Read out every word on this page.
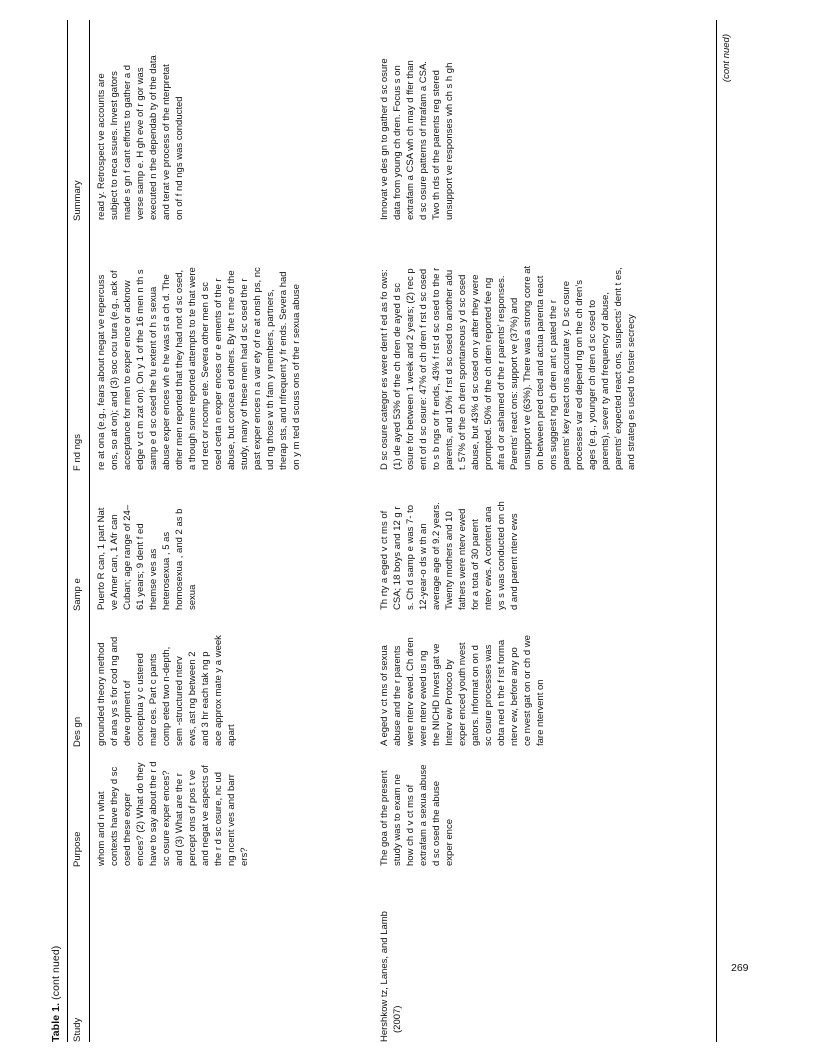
Table 1. (cont nued)
Study	Purpose	Des gn	Samp e	F nd ngs	Summary
	whom and n what contexts have they d sc osed these exper ences? (2) What do they have to say about the r d sc osure exper ences? and (3) What are the r percept ons of pos t ve and negat ve aspects of the r d sc osure, nc ud ng ncent ves and barr ers?	grounded theory method of ana ys s for cod ng and deve opment of conceptua y c ustered matr ces. Part c pants comp eted two n-depth, sem -structured nterv ews, ast ng between 2 and 3 hr each tak ng p ace approx mate y a week apart	Puerto R can, 1 part Nat ve Amer can, 1 Afr can Cuban; age range of 24–61 years; 9 dent f ed themse ves as heterosexua , 5 as homosexua , and 2 as b sexua	re at ona (e.g., fears about negat ve repercuss ons, so at on); and (3) soc ocu tura (e.g., ack of acceptance for men to exper ence or acknow edge v ct m zat on). On y 1 of the 16 men n th s samp e d sc osed the fu extent of h s sexua abuse exper ences wh e he was st a ch d. The other men reported that they had not d sc osed, a though some reported attempts to te that were nd rect or ncomp ete. Severa other men d sc osed certa n exper ences or e ements of the r abuse, but concea ed others. By the t me of the study, many of these men had d sc osed the r past exper ences n a var ety of re at onsh ps, nc ud ng those w th fam y members, partners, therap sts, and nfrequent y fr ends. Severa had on y m ted d scuss ons of the r sexua abuse	read y. Retrospect ve accounts are subject to reca ssues. Invest gators made s gn f cant efforts to gather a d verse samp e. H gh eve of r gor was executed n the dependab ty of the data and terat ve process of the nterpretat on of f nd ngs was conducted
Hershkow tz, Lanes, and Lamb (2007)	The goa of the present study was to exam ne how ch d v ct ms of extrafam a sexua abuse d sc osed the abuse exper ence	A eged v ct ms of sexua abuse and the r parents were nterv ewed. Ch dren were nterv ewed us ng the NICHD Invest gat ve Interv ew Protoco by exper enced youth nvest gators. Informat on on d sc osure processes was obta ned n the f rst forma nterv ew, before any po ce nvest gat on or ch d we fare ntervent on	Th rty a eged v ct ms of CSA; 18 boys and 12 g r s. Ch d samp e was 7- to 12-year-o ds w th an average age of 9.2 years. Twenty mothers and 10 fathers were nterv ewed for a tota of 30 parent nterv ews. A content ana ys s was conducted on ch d and parent nterv ews	D sc osure categor es were dent f ed as fo ows: (1) de ayed 53% of the ch dren de ayed d sc osure for between 1 week and 2 years; (2) rec p ent of d sc osure: 47% of ch dren f rst d sc osed to s b ngs or fr ends, 43% f rst d sc osed to the r parents, and 10% f rst d sc osed to another adu t. 57% of the ch dren spontaneous y d sc osed abuse, but 43% d sc osed on y after they were prompted. 50% of the ch dren reported fee ng afra d or ashamed of the r parents’ responses. Parents’ react ons: support ve (37%) and unsupport ve (63%). There was a strong corre at on between pred cted and actua parenta react ons suggest ng ch dren ant c pated the r parents’ key react ons accurate y. D sc osure processes var ed depend ng on the ch dren’s ages (e.g., younger ch dren d sc osed to parents), sever ty and frequency of abuse, parents’ expected react ons, suspects’ dent t es, and strateg es used to foster secrecy	Innovat ve des gn to gather d sc osure data from young ch dren. Focus s on extrafam a CSA wh ch may d ffer than d sc osure patterns of ntrafam a CSA. Two th rds of the parents reg stered unsupport ve responses wh ch s h gh
(cont nued)
269
